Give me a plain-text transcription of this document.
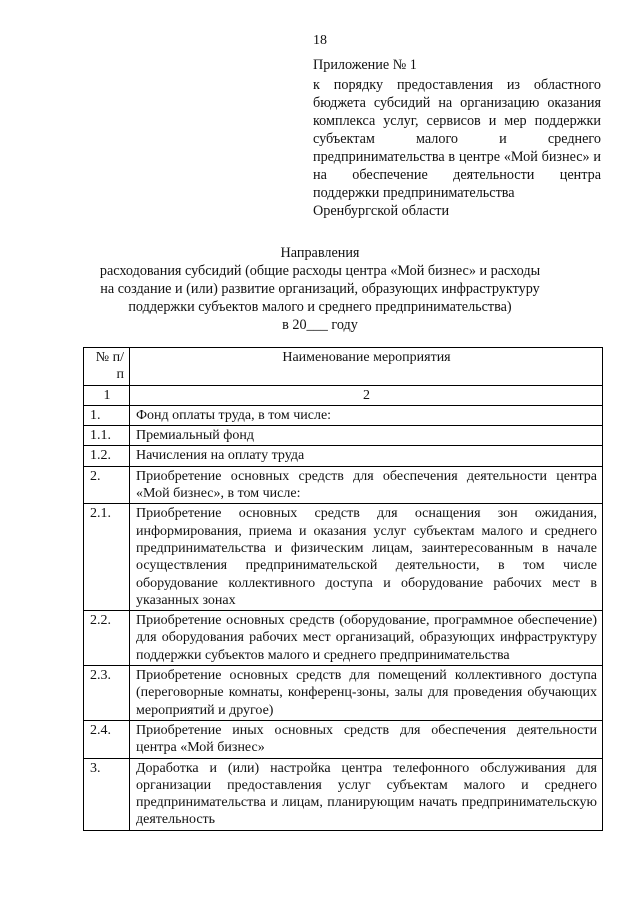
18

Приложение № 1

к порядку предоставления из областного бюджета субсидий на организацию оказания комплекса услуг, сервисов и мер поддержки субъектам малого и среднего предпринимательства в центре «Мой бизнес» и на обеспечение деятельности центра поддержки предпринимательства
Оренбургской области

Направления

расходования субсидий (общие расходы центра «Мой бизнес» и расходы

на создание и (или) развитие организаций, образующих инфраструктуру

поддержки субъектов малого и среднего предпринимательства)

в 20___ году

№ п/п	Наименование мероприятия
1	2
1.	Фонд оплаты труда, в том числе:
1.1.	Премиальный фонд
1.2.	Начисления на оплату труда
2.	Приобретение основных средств для обеспечения деятельности центра «Мой бизнес», в том числе:
2.1.	Приобретение основных средств для оснащения зон ожидания, информирования, приема и оказания услуг субъектам малого и среднего предпринимательства и физическим лицам, заинтересованным в начале осуществления предпринимательской деятельности, в том числе оборудование коллективного доступа и оборудование рабочих мест в указанных зонах
2.2.	Приобретение основных средств (оборудование, программное обеспечение) для оборудования рабочих мест организаций, образующих инфраструктуру поддержки субъектов малого и среднего предпринимательства
2.3.	Приобретение основных средств для помещений коллективного доступа (переговорные комнаты, конференц-зоны, залы для проведения обучающих мероприятий и другое)
2.4.	Приобретение иных основных средств для обеспечения деятельности центра «Мой бизнес»
3.	Доработка и (или) настройка центра телефонного обслуживания для организации предоставления услуг субъектам малого и среднего предпринимательства и лицам, планирующим начать предпринимательскую деятельность
